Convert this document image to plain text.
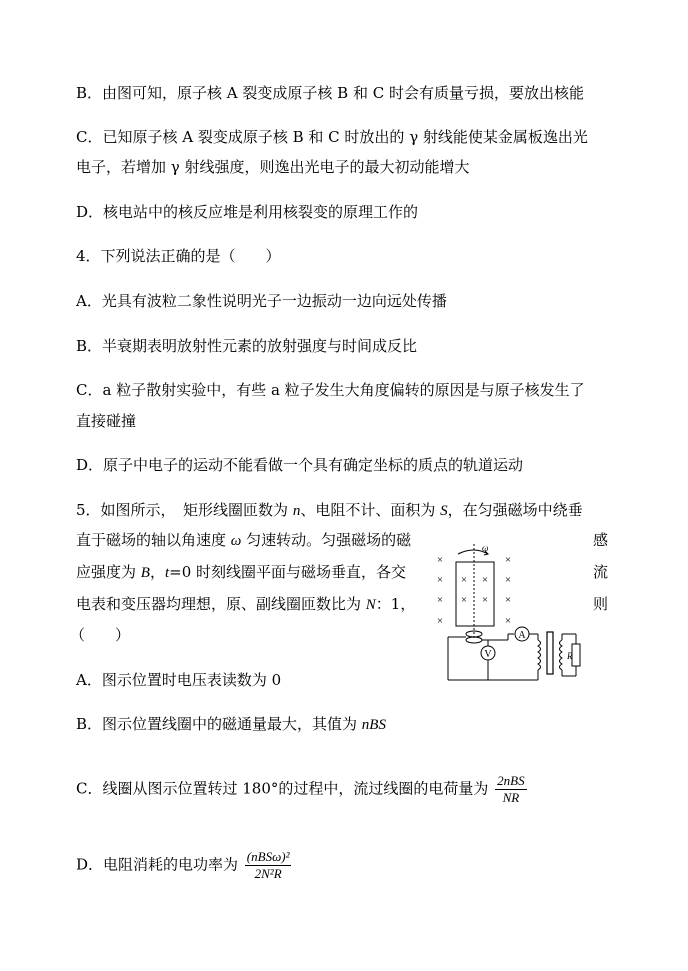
B．由图可知，原子核 A 裂变成原子核 B 和 C 时会有质量亏损，要放出核能
C．已知原子核 A 裂变成原子核 B 和 C 时放出的 γ 射线能使某金属板逸出光
电子，若增加 γ 射线强度，则逸出光电子的最大初动能增大
D．核电站中的核反应堆是利用核裂变的原理工作的
4．下列说法正确的是（　　）
A．光具有波粒二象性说明光子一边振动一边向远处传播
B．半衰期表明放射性元素的放射强度与时间成反比
C．a 粒子散射实验中，有些 a 粒子发生大角度偏转的原因是与原子核发生了
直接碰撞
D．原子中电子的运动不能看做一个具有确定坐标的质点的轨道运动
5．如图所示，　矩形线圈匝数为 n、电阻不计、面积为 S，在匀强磁场中绕垂
直于磁场的轴以角速度 ω 匀速转动。匀强磁场的磁	感
应强度为 B，t=0 时刻线圈平面与磁场垂直，各交	流
电表和变压器均理想，原、副线圈匝数比为 N：1，	则
（　　）
A．图示位置时电压表读数为 0
B．图示位置线圈中的磁通量最大，其值为 nBS
C．线圈从图示位置转过 180°的过程中，流过线圈的电荷量为 $\frac{\text{2nBS}}{NR}$
D．电阻消耗的电功率为 $\frac{\text{(nBSω)²}}{\text{2N²R}}$
×	×
× × × ×
× × × ×
×	×
ω
A
V	R
